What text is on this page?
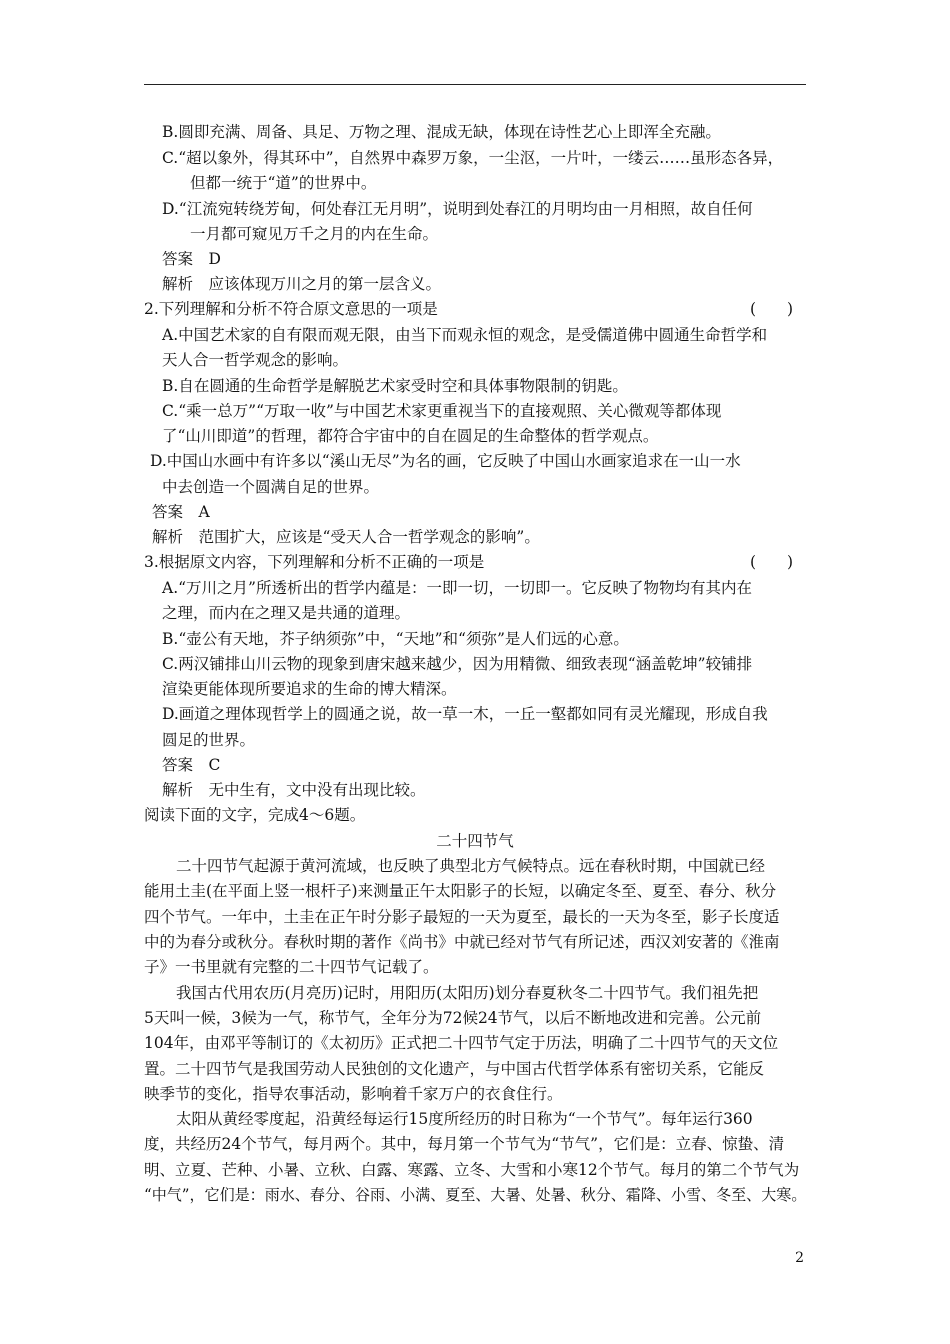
B.圆即充满、周备、具足、万物之理、混成无缺，体现在诗性艺心上即浑全充融。
C.“超以象外，得其环中”，自然界中森罗万象，一尘沤，一片叶，一缕云……虽形态各异，
但都一统于“道”的世界中。
D.“江流宛转绕芳甸，何处春江无月明”，说明到处春江的月明均由一月相照，故自任何
一月都可窥见万千之月的内在生命。
答案　D
解析　应该体现万川之月的第一层含义。
2.下列理解和分析不符合原文意思的一项是	(　　)
A.中国艺术家的自有限而观无限，由当下而观永恒的观念，是受儒道佛中圆通生命哲学和
天人合一哲学观念的影响。
B.自在圆通的生命哲学是解脱艺术家受时空和具体事物限制的钥匙。
C.“乘一总万”“万取一收”与中国艺术家更重视当下的直接观照、关心微观等都体现
了“山川即道”的哲理，都符合宇宙中的自在圆足的生命整体的哲学观点。
D.中国山水画中有许多以“溪山无尽”为名的画，它反映了中国山水画家追求在一山一水
中去创造一个圆满自足的世界。
答案　A
解析　范围扩大，应该是“受天人合一哲学观念的影响”。
3.根据原文内容，下列理解和分析不正确的一项是	(　　)
A.“万川之月”所透析出的哲学内蕴是：一即一切，一切即一。它反映了物物均有其内在
之理，而内在之理又是共通的道理。
B.“壶公有天地，芥子纳须弥”中，“天地”和“须弥”是人们远的心意。
C.两汉铺排山川云物的现象到唐宋越来越少，因为用精微、细致表现“涵盖乾坤”较铺排
渲染更能体现所要追求的生命的博大精深。
D.画道之理体现哲学上的圆通之说，故一草一木，一丘一壑都如同有灵光耀现，形成自我
圆足的世界。
答案　C
解析　无中生有，文中没有出现比较。
阅读下面的文字，完成4～6题。
二十四节气
二十四节气起源于黄河流域，也反映了典型北方气候特点。远在春秋时期，中国就已经
能用土圭(在平面上竖一根杆子)来测量正午太阳影子的长短，以确定冬至、夏至、春分、秋分
四个节气。一年中，土圭在正午时分影子最短的一天为夏至，最长的一天为冬至，影子长度适
中的为春分或秋分。春秋时期的著作《尚书》中就已经对节气有所记述，西汉刘安著的《淮南
子》一书里就有完整的二十四节气记载了。
我国古代用农历(月亮历)记时，用阳历(太阳历)划分春夏秋冬二十四节气。我们祖先把
5天叫一候，3候为一气，称节气，全年分为72候24节气，以后不断地改进和完善。公元前
104年，由邓平等制订的《太初历》正式把二十四节气定于历法，明确了二十四节气的天文位
置。二十四节气是我国劳动人民独创的文化遗产，与中国古代哲学体系有密切关系，它能反
映季节的变化，指导农事活动，影响着千家万户的衣食住行。
太阳从黄经零度起，沿黄经每运行15度所经历的时日称为“一个节气”。每年运行360
度，共经历24个节气，每月两个。其中，每月第一个节气为“节气”，它们是：立春、惊蛰、清
明、立夏、芒种、小暑、立秋、白露、寒露、立冬、大雪和小寒12个节气。每月的第二个节气为
“中气”，它们是：雨水、春分、谷雨、小满、夏至、大暑、处暑、秋分、霜降、小雪、冬至、大寒。
2
